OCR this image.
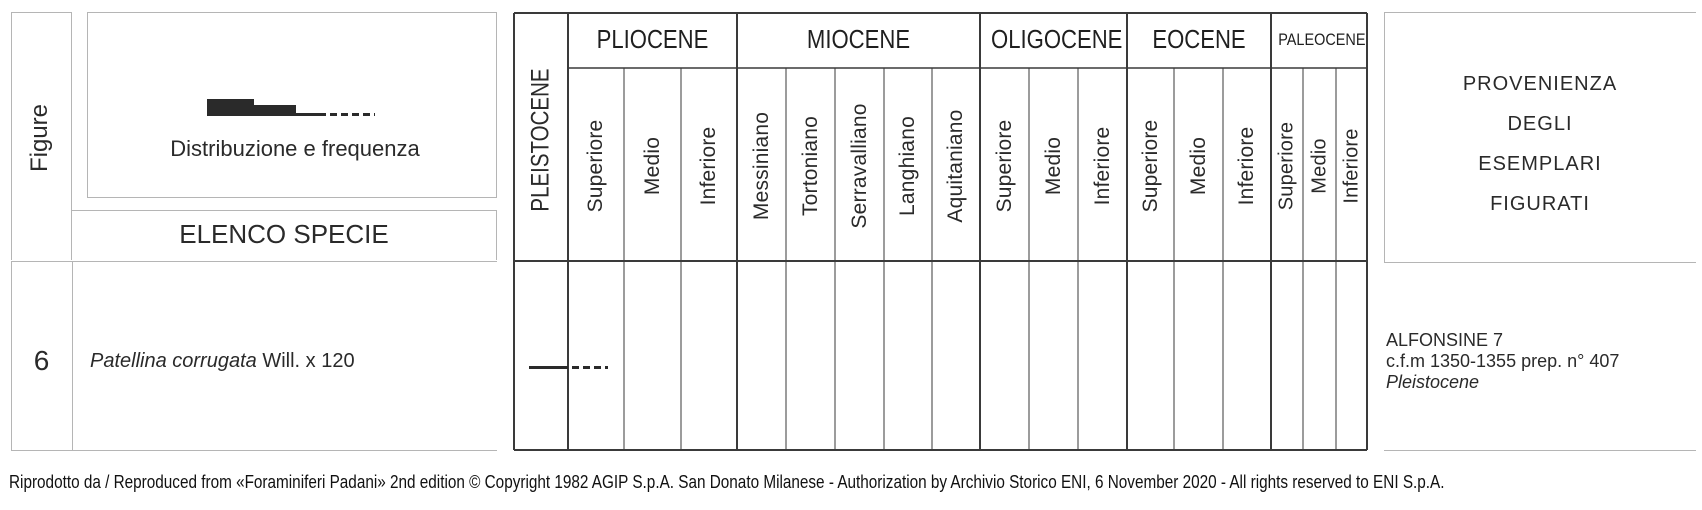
Figure	Distribuzione e frequenza
ELENCO SPECIE
6	Patellina corrugata Will. x 120
PLEISTOCENE
PLIOCENE
Superiore Medio Inferiore
MIOCENE
Messiniano Tortoniano Serravalliano Langhiano Aquitaniano
OLIGOCENE
Superiore Medio Inferiore
EOCENE
Superiore Medio Inferiore
PALEOCENE
Superiore Medio Inferiore
PROVENIENZA
DEGLI
ESEMPLARI
FIGURATI
ALFONSINE 7
c.f.m 1350-1355 prep. n° 407
Pleistocene
Riprodotto da / Reproduced from «Foraminiferi Padani» 2nd edition © Copyright 1982 AGIP S.p.A. San Donato Milanese - Authorization by Archivio Storico ENI, 6 November 2020 - All rights reserved to ENI S.p.A.
